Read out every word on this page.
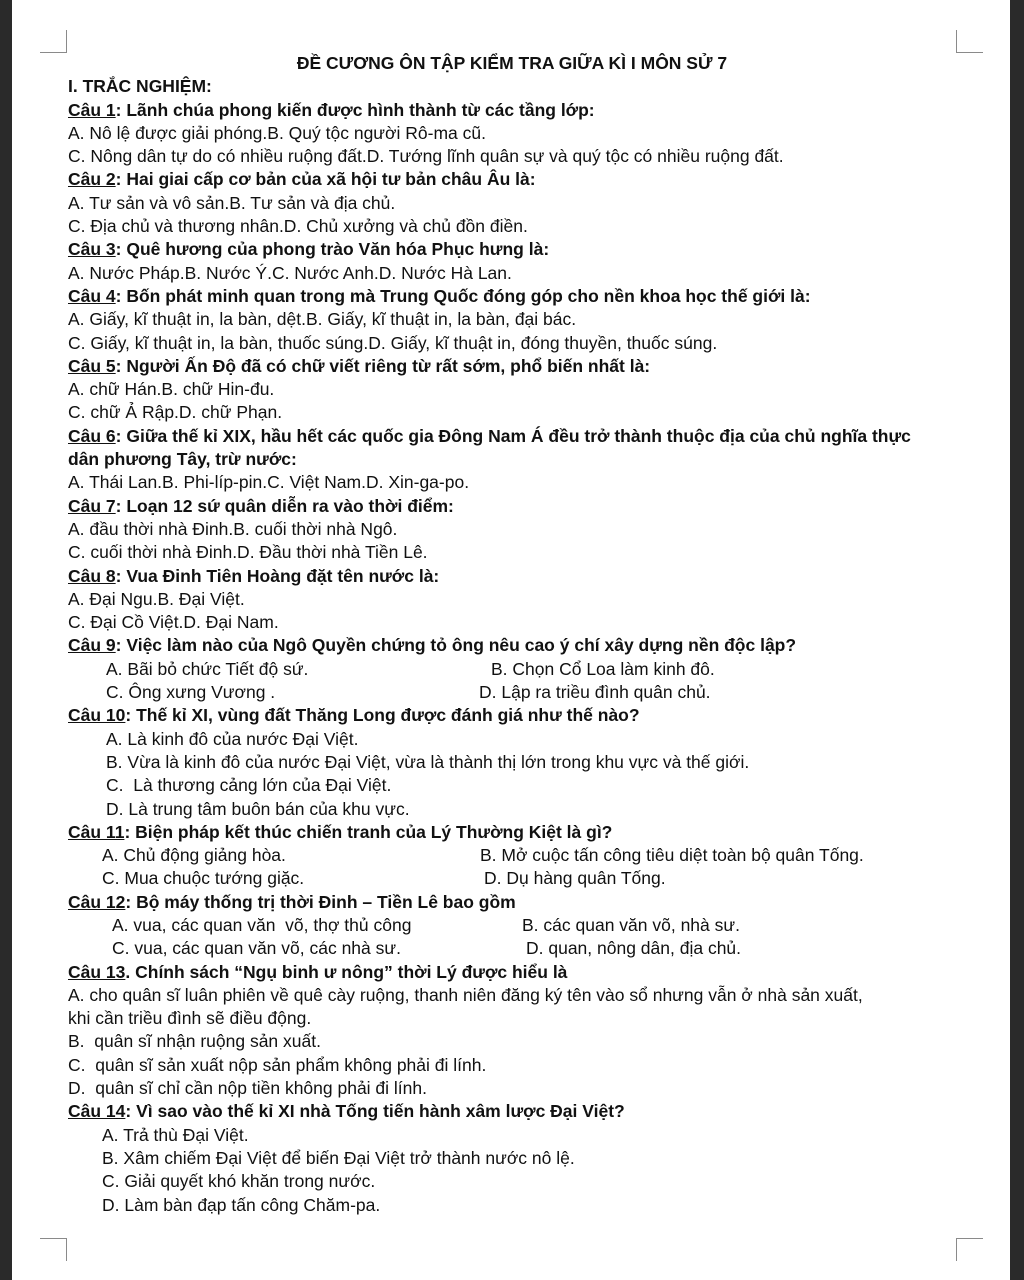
ĐỀ CƯƠNG ÔN TẬP KIỂM TRA GIỮA KÌ I MÔN SỬ 7
I. TRẮC NGHIỆM:
Câu 1: Lãnh chúa phong kiến được hình thành từ các tầng lớp:
A. Nô lệ được giải phóng.B. Quý tộc người Rô-ma cũ.
C. Nông dân tự do có nhiều ruộng đất.D. Tướng lĩnh quân sự và quý tộc có nhiều ruộng đất.
Câu 2: Hai giai cấp cơ bản của xã hội tư bản châu Âu là:
A. Tư sản và vô sản.B. Tư sản và địa chủ.
C. Địa chủ và thương nhân.D. Chủ xưởng và chủ đồn điền.
Câu 3: Quê hương của phong trào Văn hóa Phục hưng là:
A. Nước Pháp.B. Nước Ý.C. Nước Anh.D. Nước Hà Lan.
Câu 4: Bốn phát minh quan trong mà Trung Quốc đóng góp cho nền khoa học thế giới là:
A. Giấy, kĩ thuật in, la bàn, dệt.B. Giấy, kĩ thuật in, la bàn, đại bác.
C. Giấy, kĩ thuật in, la bàn, thuốc súng.D. Giấy, kĩ thuật in, đóng thuyền, thuốc súng.
Câu 5: Người Ấn Độ đã có chữ viết riêng từ rất sớm, phổ biến nhất là:
A. chữ Hán.B. chữ Hin-đu.
C. chữ Ả Rập.D. chữ Phạn.
Câu 6: Giữa thế kỉ XIX, hầu hết các quốc gia Đông Nam Á đều trở thành thuộc địa của chủ nghĩa thực
dân phương Tây, trừ nước:
A. Thái Lan.B. Phi-líp-pin.C. Việt Nam.D. Xin-ga-po.
Câu 7: Loạn 12 sứ quân diễn ra vào thời điểm:
A. đầu thời nhà Đinh.B. cuối thời nhà Ngô.
C. cuối thời nhà Đinh.D. Đầu thời nhà Tiền Lê.
Câu 8: Vua Đinh Tiên Hoàng đặt tên nước là:
A. Đại Ngu.B. Đại Việt.
C. Đại Cồ Việt.D. Đại Nam.
Câu 9: Việc làm nào của Ngô Quyền chứng tỏ ông nêu cao ý chí xây dựng nền độc lập?
A. Bãi bỏ chức Tiết độ sứ.	B. Chọn Cổ Loa làm kinh đô.
C. Ông xưng Vương .	D. Lập ra triều đình quân chủ.
Câu 10: Thế kỉ XI, vùng đất Thăng Long được đánh giá như thế nào?
A. Là kinh đô của nước Đại Việt.
B. Vừa là kinh đô của nước Đại Việt, vừa là thành thị lớn trong khu vực và thế giới.
C.  Là thương cảng lớn của Đại Việt.
D. Là trung tâm buôn bán của khu vực.
Câu 11: Biện pháp kết thúc chiến tranh của Lý Thường Kiệt là gì?
A. Chủ động giảng hòa.	B. Mở cuộc tấn công tiêu diệt toàn bộ quân Tống.
C. Mua chuộc tướng giặc.	D. Dụ hàng quân Tống.
Câu 12: Bộ máy thống trị thời Đinh – Tiền Lê bao gồm
A. vua, các quan văn  võ, thợ thủ công	B. các quan văn võ, nhà sư.
C. vua, các quan văn võ, các nhà sư.	D. quan, nông dân, địa chủ.
Câu 13. Chính sách “Ngụ binh ư nông” thời Lý được hiểu là
A. cho quân sĩ luân phiên về quê cày ruộng, thanh niên đăng ký tên vào sổ nhưng vẫn ở nhà sản xuất,
khi cần triều đình sẽ điều động.
B.  quân sĩ nhận ruộng sản xuất.
C.  quân sĩ sản xuất nộp sản phẩm không phải đi lính.
D.  quân sĩ chỉ cần nộp tiền không phải đi lính.
Câu 14: Vì sao vào thế kỉ XI nhà Tống tiến hành xâm lược Đại Việt?
A. Trả thù Đại Việt.
B. Xâm chiếm Đại Việt để biến Đại Việt trở thành nước nô lệ.
C. Giải quyết khó khăn trong nước.
D. Làm bàn đạp tấn công Chăm-pa.
